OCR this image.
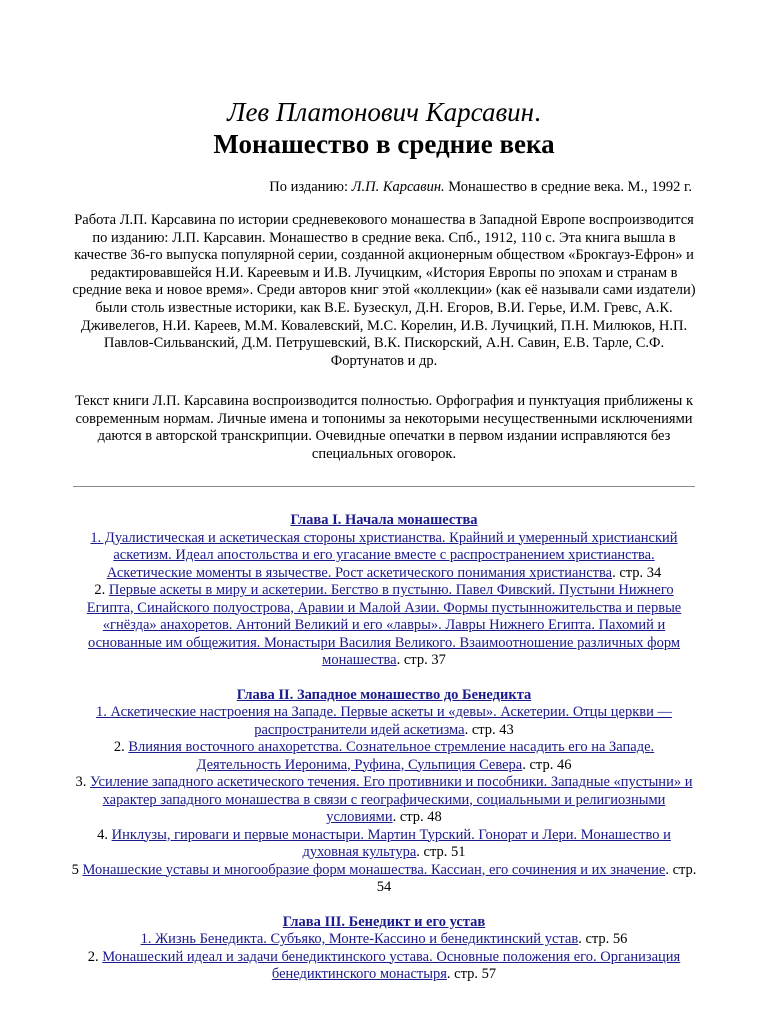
Лев Платонович Карсавин.
Монашество в средние века
По изданию: Л.П. Карсавин. Монашество в средние века. М., 1992 г.
Работа Л.П. Карсавина по истории средневекового монашества в Западной Европе воспроизводится по изданию: Л.П. Карсавин. Монашество в средние века. Спб., 1912, 110 с. Эта книга вышла в качестве 36-го выпуска популярной серии, созданной акционерным обществом «Брокгауз-Ефрон» и редактировавшейся Н.И. Кареевым и И.В. Лучицким, «История Европы по эпохам и странам в средние века и новое время». Среди авторов книг этой «коллекции» (как её называли сами издатели) были столь известные историки, как В.Е. Бузескул, Д.Н. Егоров, В.И. Герье, И.М. Гревс, А.К. Дживелегов, Н.И. Кареев, М.М. Ковалевский, М.С. Корелин, И.В. Лучицкий, П.Н. Милюков, Н.П. Павлов-Сильванский, Д.М. Петрушевский, В.К. Пискорский, А.Н. Савин, Е.В. Тарле, С.Ф. Фортунатов и др.
Текст книги Л.П. Карсавина воспроизводится полностью. Орфография и пунктуация приближены к современным нормам. Личные имена и топонимы за некоторыми несущественными исключениями даются в авторской транскрипции. Очевидные опечатки в первом издании исправляются без специальных оговорок.

Глава I. Начала монашества

1. Дуалистическая и аскетическая стороны христианства. Крайний и умеренный христианский аскетизм. Идеал апостольства и его угасание вместе с распространением христианства. Аскетические моменты в язычестве. Рост аскетического понимания христианства. стр. 34

2. Первые аскеты в миру и аскетерии. Бегство в пустыню. Павел Фивский. Пустыни Нижнего Египта, Синайского полуострова, Аравии и Малой Азии. Формы пустынножительства и первые «гнёзда» анахоретов. Антоний Великий и его «лавры». Лавры Нижнего Египта. Пахомий и основанные им общежития. Монастыри Василия Великого. Взаимоотношение различных форм монашества. стр. 37

Глава II. Западное монашество до Бенедикта

1. Аскетические настроения на Западе. Первые аскеты и «девы». Аскетерии. Отцы церкви — распространители идей аскетизма. стр. 43

2. Влияния восточного анахоретства. Сознательное стремление насадить его на Западе. Деятельность Иеронима, Руфина, Сульпиция Севера. стр. 46

3. Усиление западного аскетического течения. Его противники и пособники. Западные «пустыни» и характер западного монашества в связи с географическими, социальными и религиозными условиями. стр. 48

4. Инклузы, гироваги и первые монастыри. Мартин Турский. Гонорат и Лери. Монашество и духовная культура. стр. 51

5 Монашеские уставы и многообразие форм монашества. Кассиан, его сочинения и их значение. стр. 54

Глава III. Бенедикт и его устав

1. Жизнь Бенедикта. Субъяко, Монте-Кассино и бенедиктинский устав. стр. 56

2. Монашеский идеал и задачи бенедиктинского устава. Основные положения его. Организация бенедиктинского монастыря. стр. 57
